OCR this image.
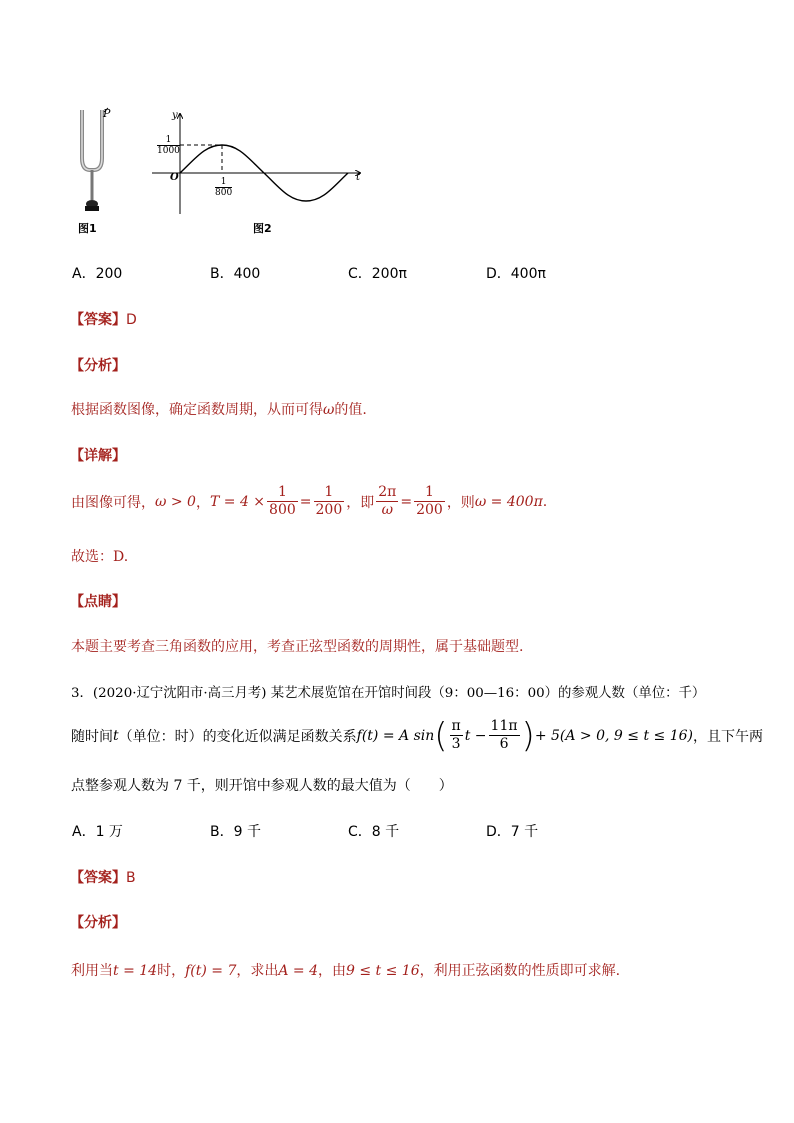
P	y
t
O
$\frac{1}{1000}$
$\frac{1}{800}$
图1	图2
A．200	B．400	C．200π	D．400π
【答案】D
【分析】
根据函数图像，确定函数周期，从而可得ω的值.
【详解】
由图像可得， ω > 0 ， $T = 4 \times \frac{1}{800} = \frac{1}{200}$ ，即 $\frac{2\pi}{\omega} = \frac{1}{200}$ ，则 ω = 400π .
故选：D.
【点睛】
本题主要考查三角函数的应用，考查正弦型函数的周期性，属于基础题型.
3．(2020·辽宁沈阳市·高三月考) 某艺术展览馆在开馆时间段（9：00—16：00）的参观人数（单位：千）
随时间 t （单位：时）的变化近似满足函数关系 f(t) = A sin ( $\frac{\pi}{3}$ $t - \frac{11\pi}{6}$ ) + 5(A > 0, 9 ≤ t ≤ 16) ，且下午两
点整参观人数为 7 千，则开馆中参观人数的最大值为（　　）
A．1 万	B．9 千	C．8 千	D．7 千
【答案】B
【分析】
利用当t = 14时，f(t) = 7，求出A = 4，由9 ≤ t ≤ 16，利用正弦函数的性质即可求解.
